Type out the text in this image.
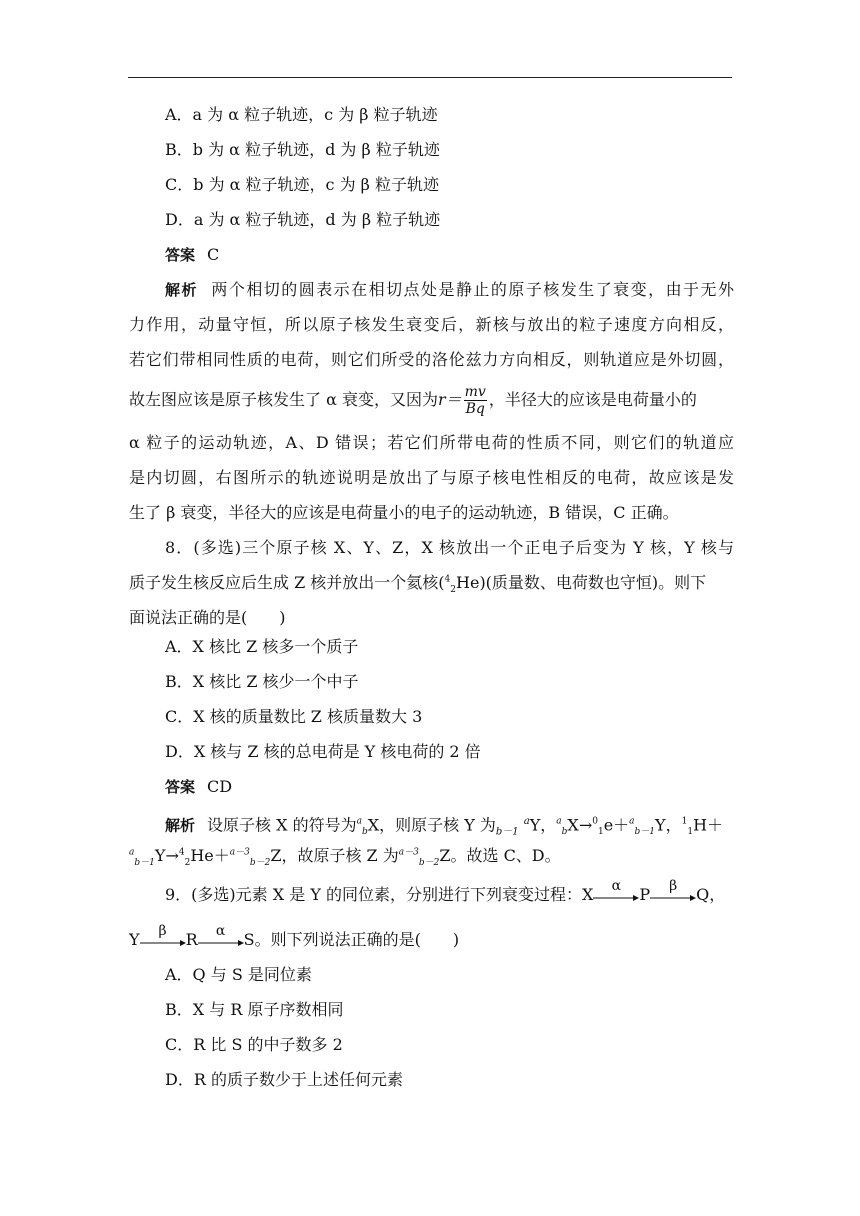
A．a 为 α 粒子轨迹，c 为 β 粒子轨迹
B．b 为 α 粒子轨迹，d 为 β 粒子轨迹
C．b 为 α 粒子轨迹，c 为 β 粒子轨迹
D．a 为 α 粒子轨迹，d 为 β 粒子轨迹
答案 C
解析 两个相切的圆表示在相切点处是静止的原子核发生了衰变，由于无外
力作用，动量守恒，所以原子核发生衰变后，新核与放出的粒子速度方向相反，
若它们带相同性质的电荷，则它们所受的洛伦兹力方向相反，则轨道应是外切圆，
故左图应该是原子核发生了 α 衰变，又因为$r= \frac{mv}{Bq}$ ，半径大的应该是电荷量小的
α 粒子的运动轨迹，A、D 错误；若它们所带电荷的性质不同，则它们的轨道应
是内切圆，右图所示的轨迹说明是放出了与原子核电性相反的电荷，故应该是发
生了 β 衰变，半径大的应该是电荷量小的电子的运动轨迹，B 错误，C 正确。
8．(多选)三个原子核 X、Y、Z，X 核放出一个正电子后变为 Y 核，Y 核与
质子发生核反应后生成 Z 核并放出一个氦核($^4_2$He)(质量数、电荷数也守恒)。则下
面说法正确的是(　　)
A．X 核比 Z 核多一个质子
B．X 核比 Z 核少一个中子
C．X 核的质量数比 Z 核质量数大 3
D．X 核与 Z 核的总电荷是 Y 核电荷的 2 倍
答案 CD
解析 设原子核 X 的符号为$^a_b$X，则原子核 Y 为$_{b-1}$ $^a$Y，$^a_b$X→$^0_1$e＋$^a_{b-1}$Y，$^1_1$H＋
$^a_{b-1}$Y→$^4_2$He＋$^{a-3}_{b-2}$Z，故原子核 Z 为$^{a-3}_{b-2}$Z。故选 C、D。
9．(多选)元素 X 是 Y 的同位素，分别进行下列衰变过程：X	α	P	β	Q，
Y	β	R	α	S。则下列说法正确的是(　　)
A．Q 与 S 是同位素
B．X 与 R 原子序数相同
C．R 比 S 的中子数多 2
D．R 的质子数少于上述任何元素
